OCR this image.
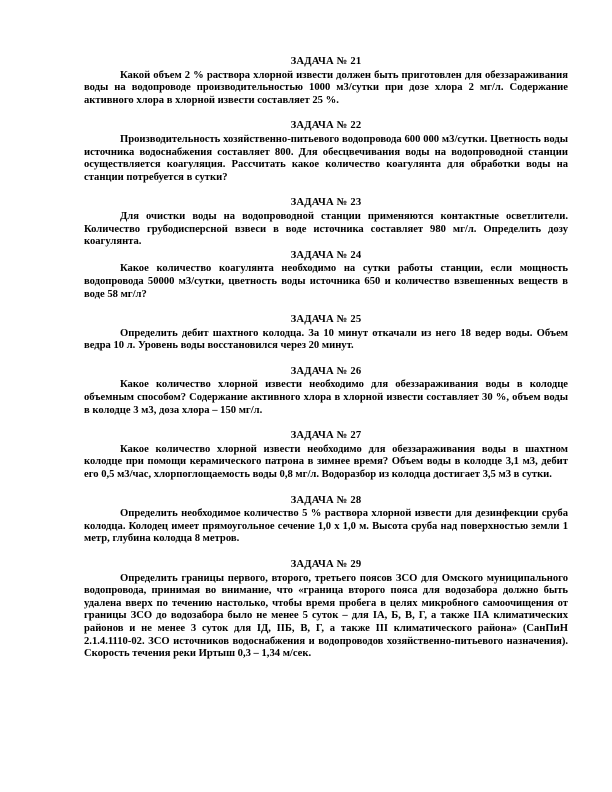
ЗАДАЧА № 21

Какой объем 2 % раствора хлорной извести должен быть приготовлен для обеззараживания воды на водопроводе производительностью 1000 м3/сутки при дозе хлора 2 мг/л. Содержание активного хлора в хлорной извести составляет 25 %.

ЗАДАЧА № 22

Производительность хозяйственно-питьевого водопровода 600 000 м3/сутки. Цветность воды источника водоснабжения составляет 800. Для обесцвечивания воды на водопроводной станции осуществляется коагуляция. Рассчитать какое количество коагулянта для обработки воды на станции потребуется в сутки?

ЗАДАЧА № 23

Для очистки воды на водопроводной станции применяются контактные осветлители. Количество грубодисперсной взвеси в воде источника составляет 980 мг/л. Определить дозу коагулянта.

ЗАДАЧА № 24

Какое количество коагулянта необходимо на сутки работы станции, если мощность водопровода 50000 м3/сутки, цветность воды источника 650 и количество взвешенных веществ в воде 58 мг/л?

ЗАДАЧА № 25

Определить дебит шахтного колодца. За 10 минут откачали из него 18 ведер воды. Объем ведра 10 л. Уровень воды восстановился через 20 минут.

ЗАДАЧА № 26

Какое количество хлорной извести необходимо для обеззараживания воды в колодце объемным способом? Содержание активного хлора в хлорной извести составляет 30 %, объем воды в колодце 3 м3, доза хлора – 150 мг/л.

ЗАДАЧА № 27

Какое количество хлорной извести необходимо для обеззараживания воды в шахтном колодце при помощи керамического патрона в зимнее время? Объем воды в колодце 3,1 м3, дебит его 0,5 м3/час, хлорпоглощаемость воды 0,8 мг/л. Водоразбор из колодца достигает 3,5 м3 в сутки.

ЗАДАЧА № 28

Определить необходимое количество 5 % раствора хлорной извести для дезинфекции сруба колодца. Колодец имеет прямоугольное сечение 1,0 х 1,0 м. Высота сруба над поверхностью земли 1 метр, глубина колодца 8 метров.

ЗАДАЧА № 29

Определить границы первого, второго, третьего поясов ЗСО для Омского муниципального водопровода, принимая во внимание, что «граница второго пояса для водозабора должно быть удалена вверх по течению настолько, чтобы время пробега в целях микробного самоочищения от границы ЗСО до водозабора было не менее 5 суток – для IА, Б, В, Г, а также IIА климатических районов и не менее 3 суток для IД, IIБ, В, Г, а также III климатического района» (СанПиН 2.1.4.1110-02. ЗСО источников водоснабжения и водопроводов хозяйственно-питьевого назначения). Скорость течения реки Иртыш 0,3 – 1,34 м/сек.
